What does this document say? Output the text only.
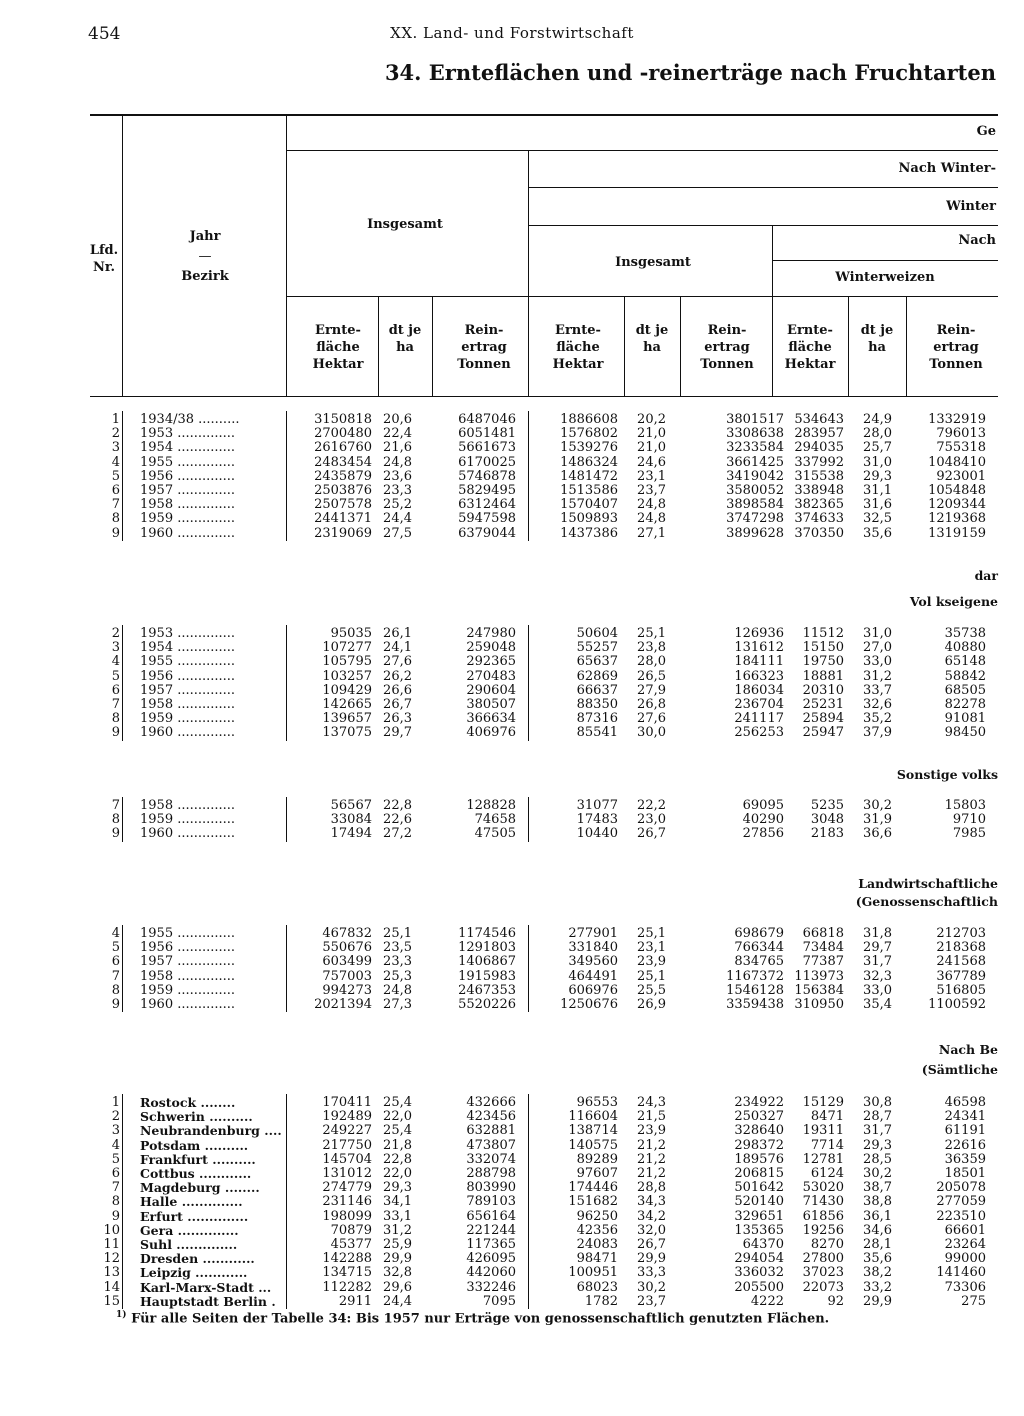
454	XX. Land- und Forstwirtschaft
34. Ernteflächen und -reinerträge nach Fruchtarten
Lfd. Nr.
Jahr
—
Bezirk
Insgesamt
Insgesamt
Ge
Nach Winter-
Winter
Nach
Winterweizen
Ernte- fläche Hektar
dt je ha
Rein- ertrag Tonnen
Ernte- fläche Hektar
dt je ha
Rein- ertrag Tonnen
Ernte- fläche Hektar
dt je ha
Rein- ertrag Tonnen
dar
Vol kseigene
Sonstige volks
Landwirtschaftliche
(Genossenschaftlich
Nach Be
(Sämtliche
1 1934/38 ..........	3150818 20,6	6487046	1886608	20,2	3801517 534643	24,9	1332919
2 1953 ..............	2700480 22,4	6051481	1576802	21,0	3308638 283957	28,0	796013
3 1954 ..............	2616760 21,6	5661673	1539276	21,0	3233584 294035	25,7	755318
4 1955 ..............	2483454 24,8	6170025	1486324	24,6	3661425 337992	31,0	1048410
5 1956 ..............	2435879 23,6	5746878	1481472	23,1	3419042 315538	29,3	923001
6 1957 ..............	2503876 23,3	5829495	1513586	23,7	3580052 338948	31,1	1054848
7 1958 ..............	2507578 25,2	6312464	1570407	24,8	3898584 382365	31,6	1209344
8 1959 ..............	2441371 24,4	5947598	1509893	24,8	3747298 374633	32,5	1219368
9 1960 ..............	2319069 27,5	6379044	1437386	27,1	3899628 370350	35,6	1319159
2 1953 ..............	95035 26,1	247980	50604	25,1	126936	11512	31,0	35738
3 1954 ..............	107277 24,1	259048	55257	23,8	131612	15150	27,0	40880
4 1955 ..............	105795 27,6	292365	65637	28,0	184111	19750	33,0	65148
5 1956 ..............	103257 26,2	270483	62869	26,5	166323	18881	31,2	58842
6 1957 ..............	109429 26,6	290604	66637	27,9	186034	20310	33,7	68505
7 1958 ..............	142665 26,7	380507	88350	26,8	236704	25231	32,6	82278
8 1959 ..............	139657 26,3	366634	87316	27,6	241117	25894	35,2	91081
9 1960 ..............	137075 29,7	406976	85541	30,0	256253	25947	37,9	98450
7 1958 ..............	56567 22,8	128828	31077	22,2	69095	5235	30,2	15803
8 1959 ..............	33084 22,6	74658	17483	23,0	40290	3048	31,9	9710
9 1960 ..............	17494 27,2	47505	10440	26,7	27856	2183	36,6	7985
4 1955 ..............	467832 25,1	1174546	277901	25,1	698679	66818	31,8	212703
5 1956 ..............	550676 23,5	1291803	331840	23,1	766344	73484	29,7	218368
6 1957 ..............	603499 23,3	1406867	349560	23,9	834765	77387	31,7	241568
7 1958 ..............	757003 25,3	1915983	464491	25,1	1167372 113973	32,3	367789
8 1959 ..............	994273 24,8	2467353	606976	25,5	1546128 156384	33,0	516805
9 1960 ..............	2021394 27,3	5520226	1250676	26,9	3359438 310950	35,4	1100592
1 Rostock ........	170411 25,4	432666	96553	24,3	234922	15129	30,8	46598
2 Schwerin ..........	192489 22,0	423456	116604	21,5	250327	8471	28,7	24341
3 Neubrandenburg ....	249227 25,4	632881	138714	23,9	328640	19311	31,7	61191
4 Potsdam ..........	217750 21,8	473807	140575	21,2	298372	7714	29,3	22616
5 Frankfurt ..........	145704 22,8	332074	89289	21,2	189576	12781	28,5	36359
6 Cottbus ............	131012 22,0	288798	97607	21,2	206815	6124	30,2	18501
7 Magdeburg ........	274779 29,3	803990	174446	28,8	501642	53020	38,7	205078
8 Halle ..............	231146 34,1	789103	151682	34,3	520140	71430	38,8	277059
9 Erfurt ..............	198099 33,1	656164	96250	34,2	329651	61856	36,1	223510
10 Gera ..............	70879 31,2	221244	42356	32,0	135365	19256	34,6	66601
11 Suhl ..............	45377 25,9	117365	24083	26,7	64370	8270	28,1	23264
12 Dresden ............	142288 29,9	426095	98471	29,9	294054	27800	35,6	99000
13 Leipzig ............	134715 32,8	442060	100951	33,3	336032	37023	38,2	141460
14 Karl-Marx-Stadt ...	112282 29,6	332246	68023	30,2	205500	22073	33,2	73306
15 Hauptstadt Berlin .	2911 24,4	7095	1782	23,7	4222	92	29,9	275
$^{1)}$ Für alle Seiten der Tabelle 34: Bis 1957 nur Erträge von genossenschaftlich genutzten Flächen.
